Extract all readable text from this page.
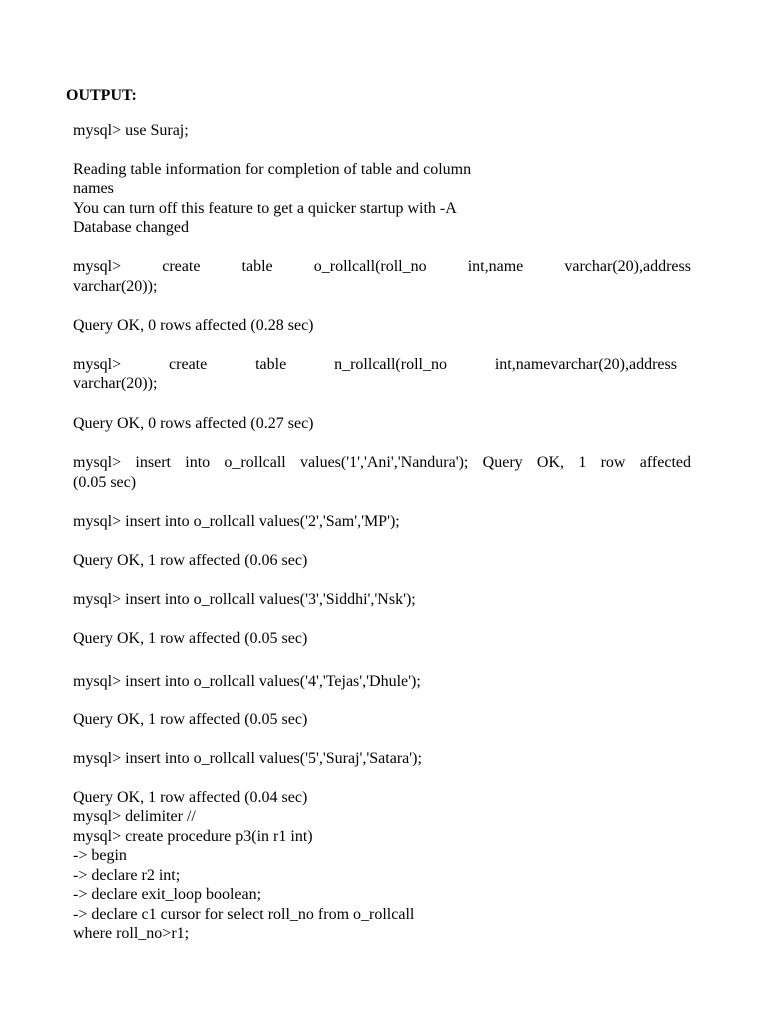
OUTPUT:

mysql> use Suraj;
Reading table information for completion of table and column
names
You can turn off this feature to get a quicker startup with -A
Database changed
mysql>	create	table	o_rollcall(roll_no	int,name	varchar(20),address
varchar(20));
Query OK, 0 rows affected (0.28 sec)
mysql>	create	table	n_rollcall(roll_no	int,namevarchar(20),address
varchar(20));
Query OK, 0 rows affected (0.27 sec)
mysql> insert into o_rollcall values('1','Ani','Nandura'); Query OK, 1 row affected
(0.05 sec)
mysql> insert into o_rollcall values('2','Sam','MP');
Query OK, 1 row affected (0.06 sec)
mysql> insert into o_rollcall values('3','Siddhi','Nsk');
Query OK, 1 row affected (0.05 sec)
mysql> insert into o_rollcall values('4','Tejas','Dhule');
Query OK, 1 row affected (0.05 sec)
mysql> insert into o_rollcall values('5','Suraj','Satara');
Query OK, 1 row affected (0.04 sec)
mysql> delimiter //
mysql> create procedure p3(in r1 int)
-> begin
-> declare r2 int;
-> declare exit_loop boolean;
-> declare c1 cursor for select roll_no from o_rollcall
where roll_no>r1;
